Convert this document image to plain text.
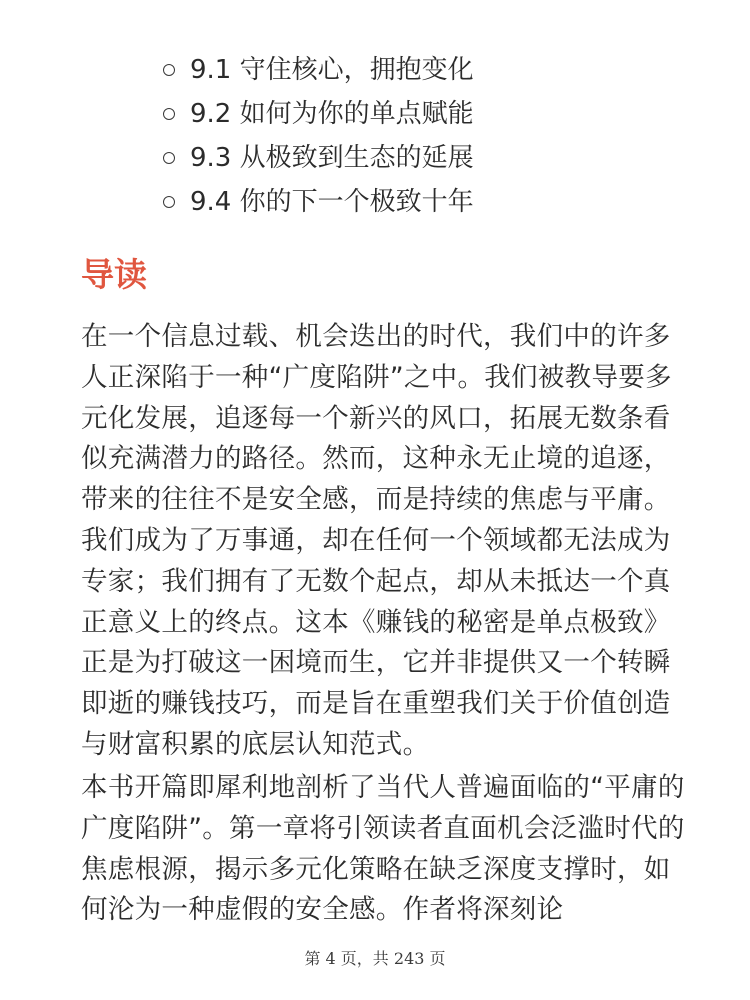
9.1 守住核心，拥抱变化
9.2 如何为你的单点赋能
9.3 从极致到生态的延展
9.4 你的下一个极致十年
导读

在一个信息过载、机会迭出的时代，我们中的许多人正深陷于一种“广度陷阱”之中。我们被教导要多元化发展，追逐每一个新兴的风口，拓展无数条看似充满潜力的路径。然而，这种永无止境的追逐，带来的往往不是安全感，而是持续的焦虑与平庸。我们成为了万事通，却在任何一个领域都无法成为专家；我们拥有了无数个起点，却从未抵达一个真正意义上的终点。这本《赚钱的秘密是单点极致》正是为打破这一困境而生，它并非提供又一个转瞬即逝的赚钱技巧，而是旨在重塑我们关于价值创造与财富积累的底层认知范式。

本书开篇即犀利地剖析了当代人普遍面临的“平庸的广度陷阱”。第一章将引领读者直面机会泛滥时代的焦虑根源，揭示多元化策略在缺乏深度支撑时，如何沦为一种虚假的安全感。作者将深刻论

第 4 页，共 243 页
